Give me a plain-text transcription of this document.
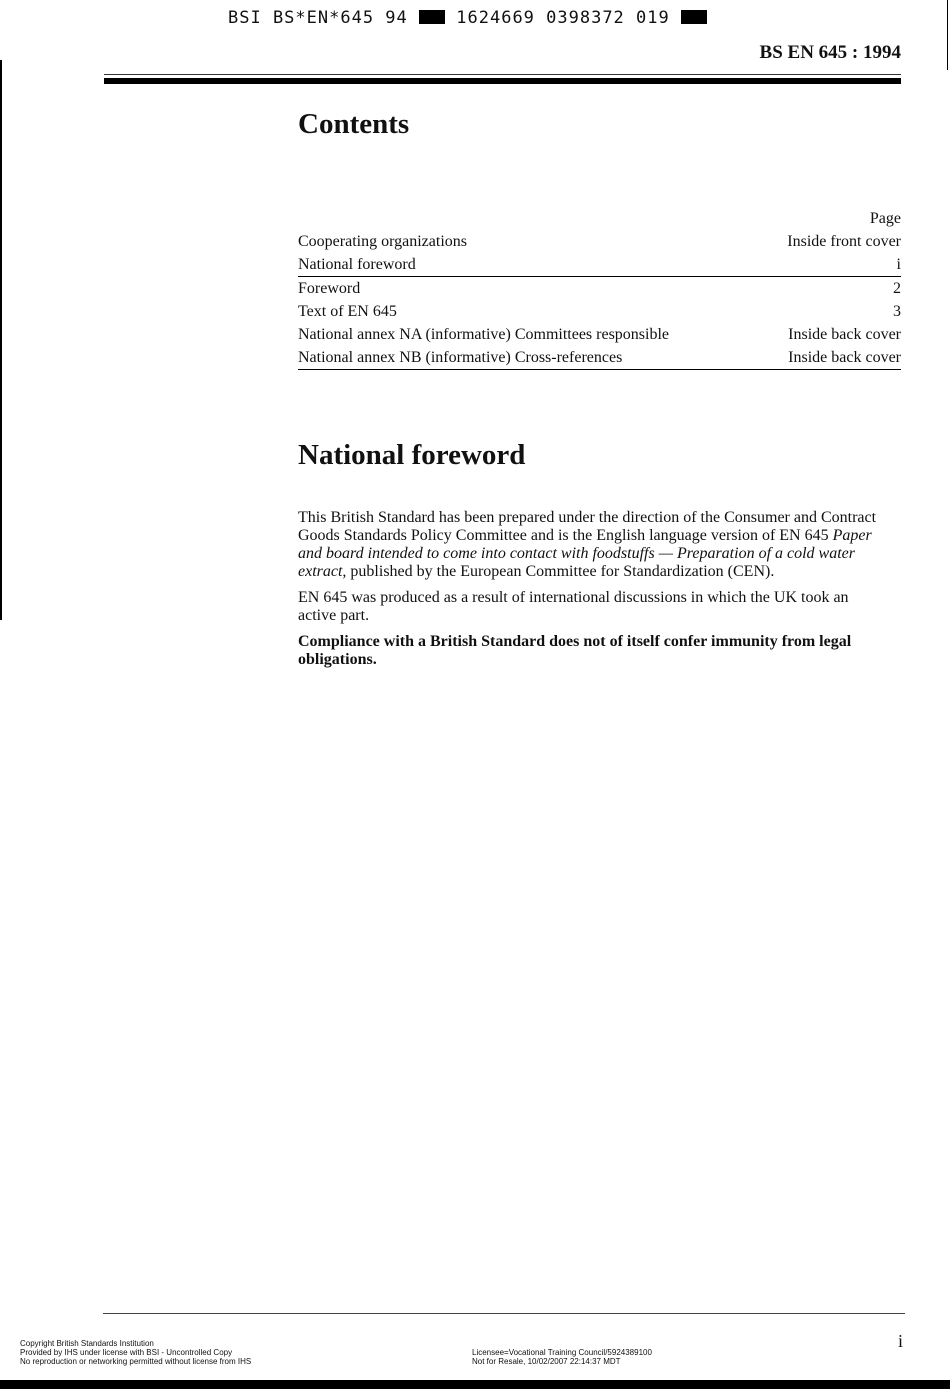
BSI BS*EN*645 94	1624669 0398372 019
BS EN 645 : 1994
Contents
Page
Cooperating organizations	Inside front cover
National foreword	i
Foreword	2
Text of EN 645	3
National annex NA (informative) Committees responsible	Inside back cover
National annex NB (informative) Cross-references	Inside back cover
National foreword

This British Standard has been prepared under the direction of the Consumer and Contract Goods Standards Policy Committee and is the English language version of EN 645 Paper and board intended to come into contact with foodstuffs — Preparation of a cold water extract, published by the European Committee for Standardization (CEN).

EN 645 was produced as a result of international discussions in which the UK took an active part.

Compliance with a British Standard does not of itself confer immunity from legal obligations.

Copyright British Standards Institution
Provided by IHS under license with BSI - Uncontrolled Copy
No reproduction or networking permitted without license from IHS
Licensee=Vocational Training Council/5924389100
Not for Resale, 10/02/2007 22:14:37 MDT
i
